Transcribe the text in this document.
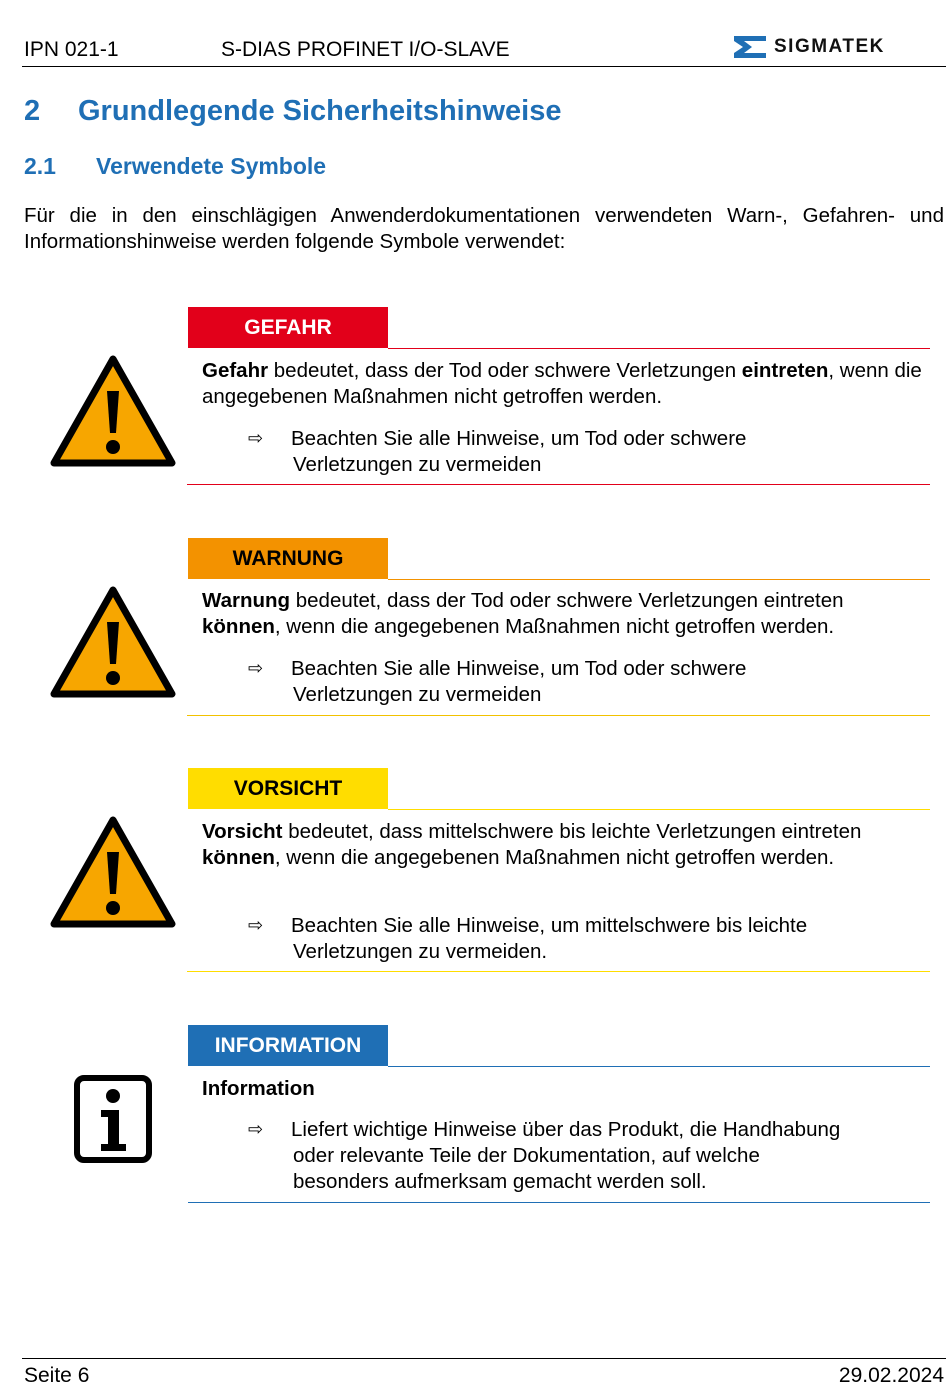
IPN 021-1	S-DIAS PROFINET I/O-SLAVE	SIGMATEK
2 Grundlegende Sicherheitshinweise
2.1 Verwendete Symbole
Für die in den einschlägigen Anwenderdokumentationen verwendeten Warn-, Gefahren- und Informationshinweise werden folgende Symbole verwendet:
GEFAHR
Gefahr bedeutet, dass der Tod oder schwere Verletzungen eintreten, wenn die angegebenen Maßnahmen nicht getroffen werden.
⇨ Beachten Sie alle Hinweise, um Tod oder schwere
Verletzungen zu vermeiden
WARNUNG
Warnung bedeutet, dass der Tod oder schwere Verletzungen eintreten können, wenn die angegebenen Maßnahmen nicht getroffen werden.
⇨ Beachten Sie alle Hinweise, um Tod oder schwere
Verletzungen zu vermeiden
VORSICHT
Vorsicht bedeutet, dass mittelschwere bis leichte Verletzungen eintreten können, wenn die angegebenen Maßnahmen nicht getroffen werden.
⇨ Beachten Sie alle Hinweise, um mittelschwere bis leichte
Verletzungen zu vermeiden.
INFORMATION
Information
⇨ Liefert wichtige Hinweise über das Produkt, die Handhabung
oder relevante Teile der Dokumentation, auf welche
besonders aufmerksam gemacht werden soll.
Seite 6	29.02.2024
